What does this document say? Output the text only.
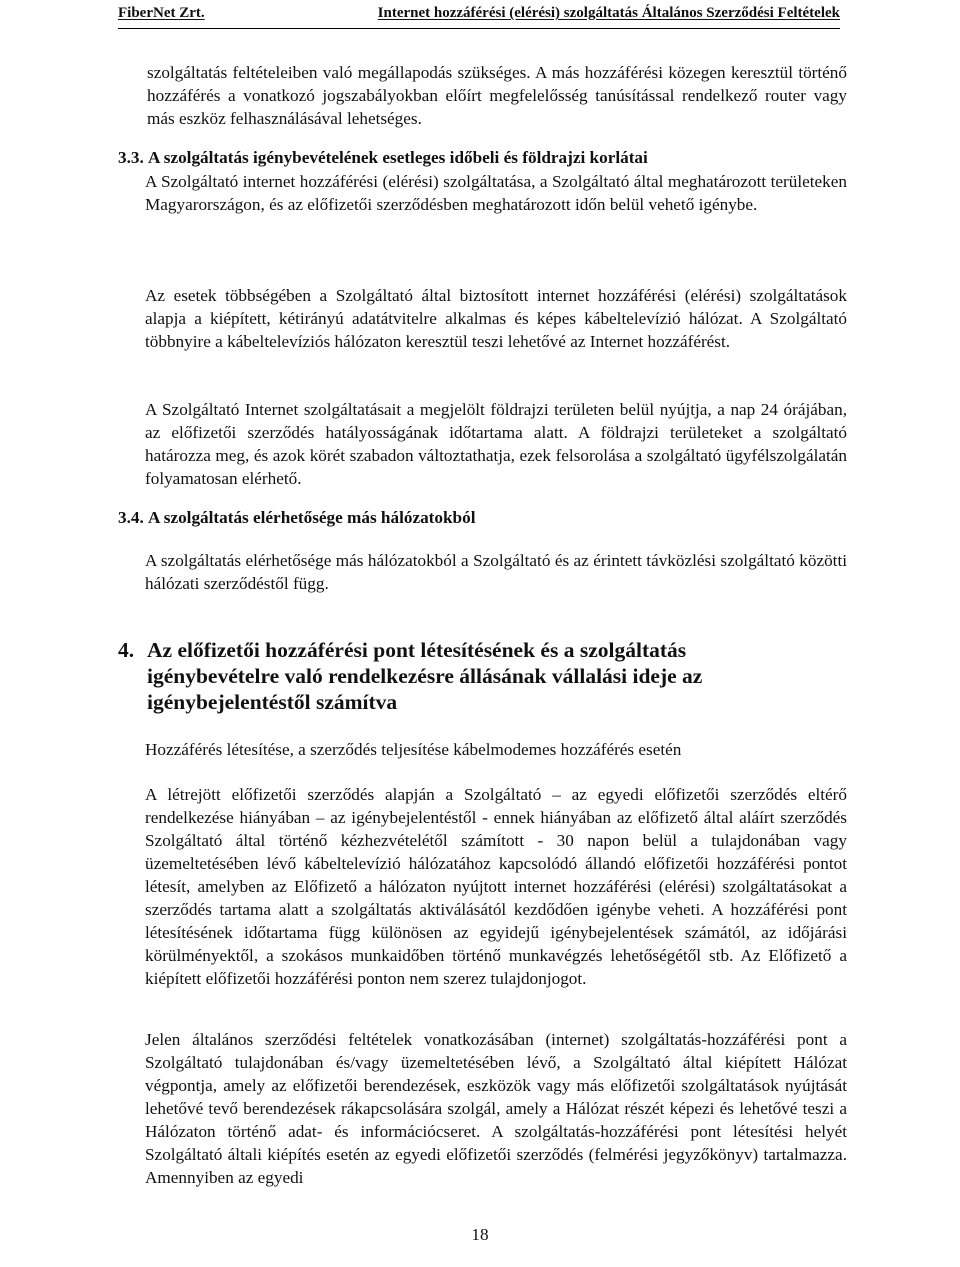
FiberNet Zrt.	Internet hozzáférési (elérési) szolgáltatás Általános Szerződési Feltételek

szolgáltatás feltételeiben való megállapodás szükséges. A más hozzáférési közegen keresztül történő hozzáférés a vonatkozó jogszabályokban előírt megfelelősség tanúsítással rendelkező router vagy más eszköz felhasználásával lehetséges.

3.3. A szolgáltatás igénybevételének esetleges időbeli és földrajzi korlátai

A Szolgáltató internet hozzáférési (elérési) szolgáltatása, a Szolgáltató által meghatározott területeken Magyarországon, és az előfizetői szerződésben meghatározott időn belül vehető igénybe.

Az esetek többségében a Szolgáltató által biztosított internet hozzáférési (elérési) szolgáltatások alapja a kiépített, kétirányú adatátvitelre alkalmas és képes kábeltelevízió hálózat. A Szolgáltató többnyire a kábeltelevíziós hálózaton keresztül teszi lehetővé az Internet hozzáférést.

A Szolgáltató Internet szolgáltatásait a megjelölt földrajzi területen belül nyújtja, a nap 24 órájában, az előfizetői szerződés hatályosságának időtartama alatt. A földrajzi területeket a szolgáltató határozza meg, és azok körét szabadon változtathatja, ezek felsorolása a szolgáltató ügyfélszolgálatán folyamatosan elérhető.

3.4. A szolgáltatás elérhetősége más hálózatokból

A szolgáltatás elérhetősége más hálózatokból a Szolgáltató és az érintett távközlési szolgáltató közötti hálózati szerződéstől függ.

4. Az előfizetői hozzáférési pont létesítésének és a szolgáltatás
igénybevételre való rendelkezésre állásának vállalási ideje az
igénybejelentéstől számítva

Hozzáférés létesítése, a szerződés teljesítése kábelmodemes hozzáférés esetén

A létrejött előfizetői szerződés alapján a Szolgáltató – az egyedi előfizetői szerződés eltérő rendelkezése hiányában – az igénybejelentéstől - ennek hiányában az előfizető által aláírt szerződés Szolgáltató által történő kézhezvételétől számított - 30 napon belül a tulajdonában vagy üzemeltetésében lévő kábeltelevízió hálózatához kapcsolódó állandó előfizetői hozzáférési pontot létesít, amelyben az Előfizető a hálózaton nyújtott internet hozzáférési (elérési) szolgáltatásokat a szerződés tartama alatt a szolgáltatás aktiválásától kezdődően igénybe veheti. A hozzáférési pont létesítésének időtartama függ különösen az egyidejű igénybejelentések számától, az időjárási körülményektől, a szokásos munkaidőben történő munkavégzés lehetőségétől stb. Az Előfizető a kiépített előfizetői hozzáférési ponton nem szerez tulajdonjogot.

Jelen általános szerződési feltételek vonatkozásában (internet) szolgáltatás-hozzáférési pont a Szolgáltató tulajdonában és/vagy üzemeltetésében lévő, a Szolgáltató által kiépített Hálózat végpontja, amely az előfizetői berendezések, eszközök vagy más előfizetői szolgáltatások nyújtását lehetővé tevő berendezések rákapcsolására szolgál, amely a Hálózat részét képezi és lehetővé teszi a Hálózaton történő adat- és információcseret. A szolgáltatás-hozzáférési pont létesítési helyét Szolgáltató általi kiépítés esetén az egyedi előfizetői szerződés (felmérési jegyzőkönyv) tartalmazza. Amennyiben az egyedi

18
